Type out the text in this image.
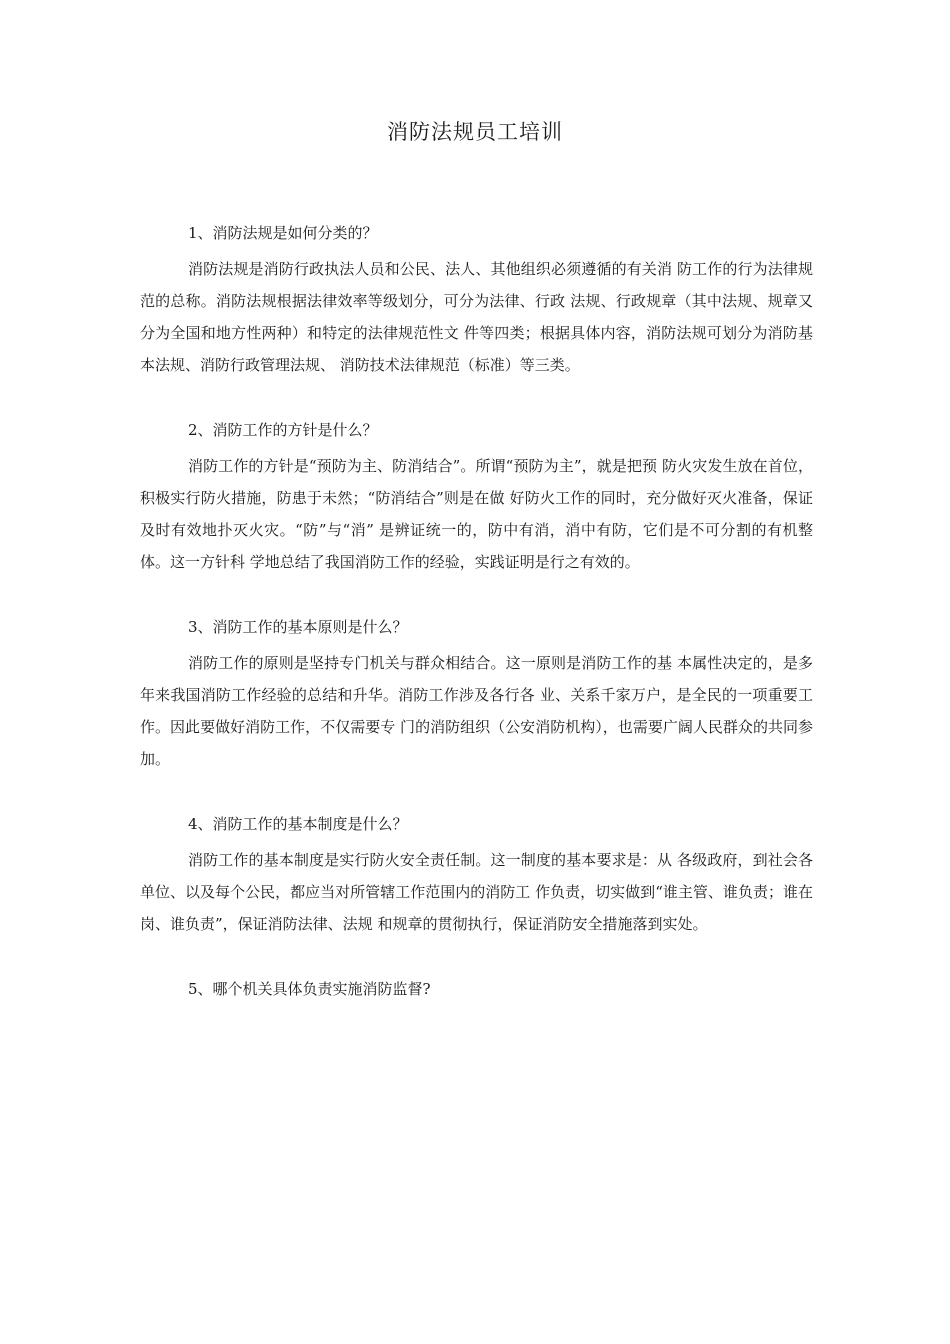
消防法规员工培训

1、消防法规是如何分类的？

消防法规是消防行政执法人员和公民、法人、其他组织必须遵循的有关消 防工作的行为法律规范的总称。消防法规根据法律效率等级划分，可分为法律、行政 法规、行政规章（其中法规、规章又分为全国和地方性两种）和特定的法律规范性文 件等四类；根据具体内容，消防法规可划分为消防基本法规、消防行政管理法规、 消防技术法律规范（标准）等三类。

2、消防工作的方针是什么？

消防工作的方针是“预防为主、防消结合”。所谓“预防为主”，就是把预 防火灾发生放在首位，积极实行防火措施，防患于未然；“防消结合”则是在做 好防火工作的同时，充分做好灭火准备，保证及时有效地扑灭火灾。“防”与“消” 是辨证统一的，防中有消，消中有防，它们是不可分割的有机整体。这一方针科 学地总结了我国消防工作的经验，实践证明是行之有效的。

3、消防工作的基本原则是什么？

消防工作的原则是坚持专门机关与群众相结合。这一原则是消防工作的基 本属性决定的，是多年来我国消防工作经验的总结和升华。消防工作涉及各行各 业、关系千家万户，是全民的一项重要工作。因此要做好消防工作，不仅需要专 门的消防组织（公安消防机构），也需要广阔人民群众的共同参加。

4、消防工作的基本制度是什么？

消防工作的基本制度是实行防火安全责任制。这一制度的基本要求是：从 各级政府，到社会各单位、以及每个公民，都应当对所管辖工作范围内的消防工 作负责，切实做到“谁主管、谁负责；谁在岗、谁负责”，保证消防法律、法规 和规章的贯彻执行，保证消防安全措施落到实处。

5、哪个机关具体负责实施消防监督?
